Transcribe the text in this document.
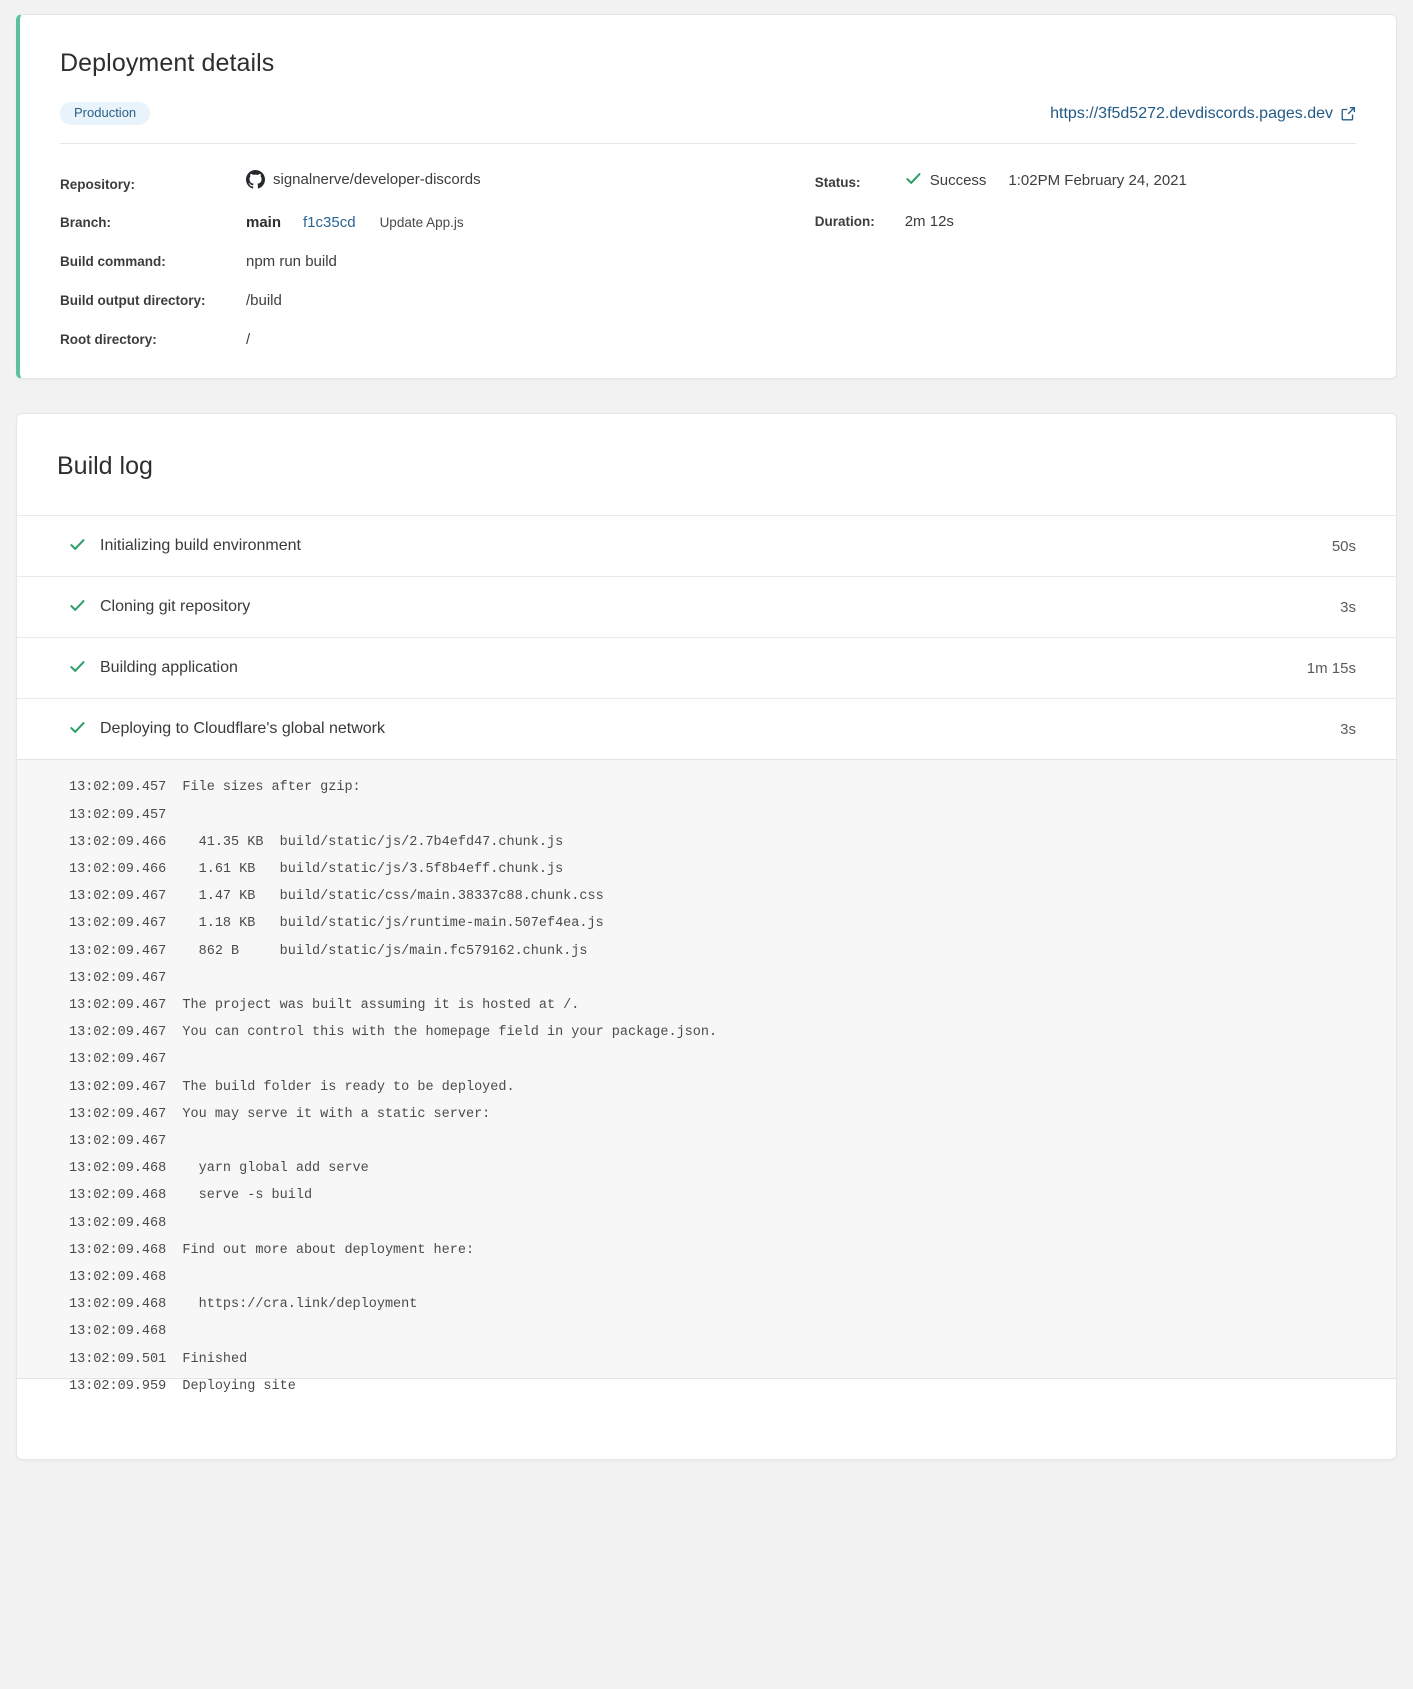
Deployment details
Production	https://3f5d5272.devdiscords.pages.dev
Repository:	signalnerve/developer-discords
Branch:	main f1c35cd Update App.js
Build command:	npm run build
Build output directory:	/build
Root directory:	/
Status:	Success 1:02PM February 24, 2021
Duration:	2m 12s
Build log
Initializing build environment	50s
Cloning git repository	3s
Building application	1m 15s
Deploying to Cloudflare's global network	3s
13:02:09.457  File sizes after gzip:
13:02:09.457
13:02:09.466    41.35 KB  build/static/js/2.7b4efd47.chunk.js
13:02:09.466    1.61 KB   build/static/js/3.5f8b4eff.chunk.js
13:02:09.467    1.47 KB   build/static/css/main.38337c88.chunk.css
13:02:09.467    1.18 KB   build/static/js/runtime-main.507ef4ea.js
13:02:09.467    862 B     build/static/js/main.fc579162.chunk.js
13:02:09.467
13:02:09.467  The project was built assuming it is hosted at /.
13:02:09.467  You can control this with the homepage field in your package.json.
13:02:09.467
13:02:09.467  The build folder is ready to be deployed.
13:02:09.467  You may serve it with a static server:
13:02:09.467
13:02:09.468    yarn global add serve
13:02:09.468    serve -s build
13:02:09.468
13:02:09.468  Find out more about deployment here:
13:02:09.468
13:02:09.468    https://cra.link/deployment
13:02:09.468
13:02:09.501  Finished
13:02:09.959  Deploying site
